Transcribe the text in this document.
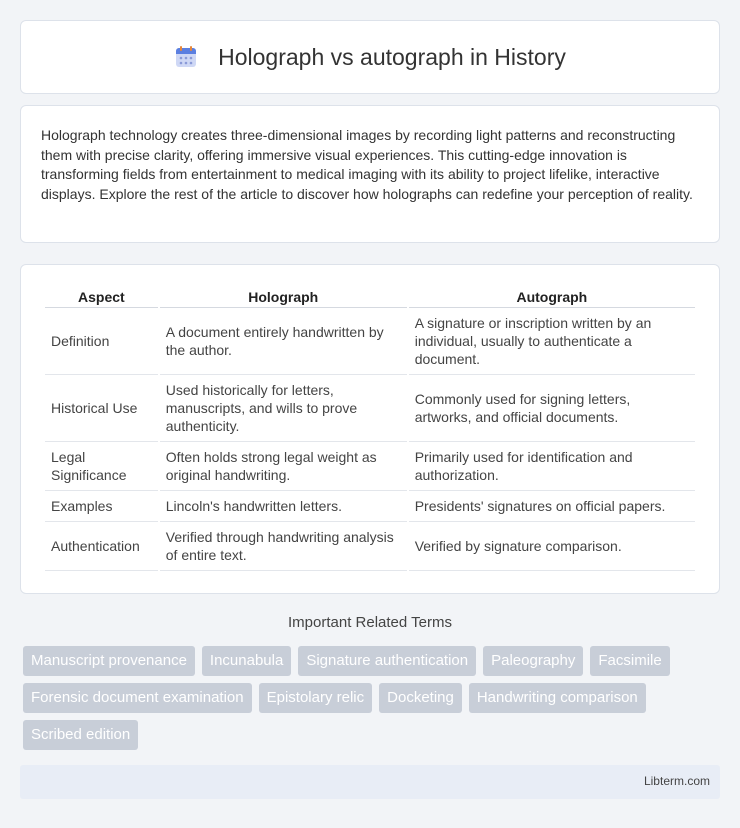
Holograph vs autograph in History

Holograph technology creates three-dimensional images by recording light patterns and reconstructing them with precise clarity, offering immersive visual experiences. This cutting-edge innovation is transforming fields from entertainment to medical imaging with its ability to project lifelike, interactive displays. Explore the rest of the article to discover how holographs can redefine your perception of reality.

Aspect	Holograph	Autograph
Definition	A document entirely handwritten by the author.	A signature or inscription written by an individual, usually to authenticate a document.
Historical Use	Used historically for letters, manuscripts, and wills to prove authenticity.	Commonly used for signing letters, artworks, and official documents.
Legal Significance	Often holds strong legal weight as original handwriting.	Primarily used for identification and authorization.
Examples	Lincoln's handwritten letters.	Presidents' signatures on official papers.
Authentication	Verified through handwriting analysis of entire text.	Verified by signature comparison.
Important Related Terms
Manuscript provenance	Incunabula	Signature authentication	Paleography	Facsimile
Forensic document examination	Epistolary relic	Docketing	Handwriting comparison
Scribed edition
Libterm.com
